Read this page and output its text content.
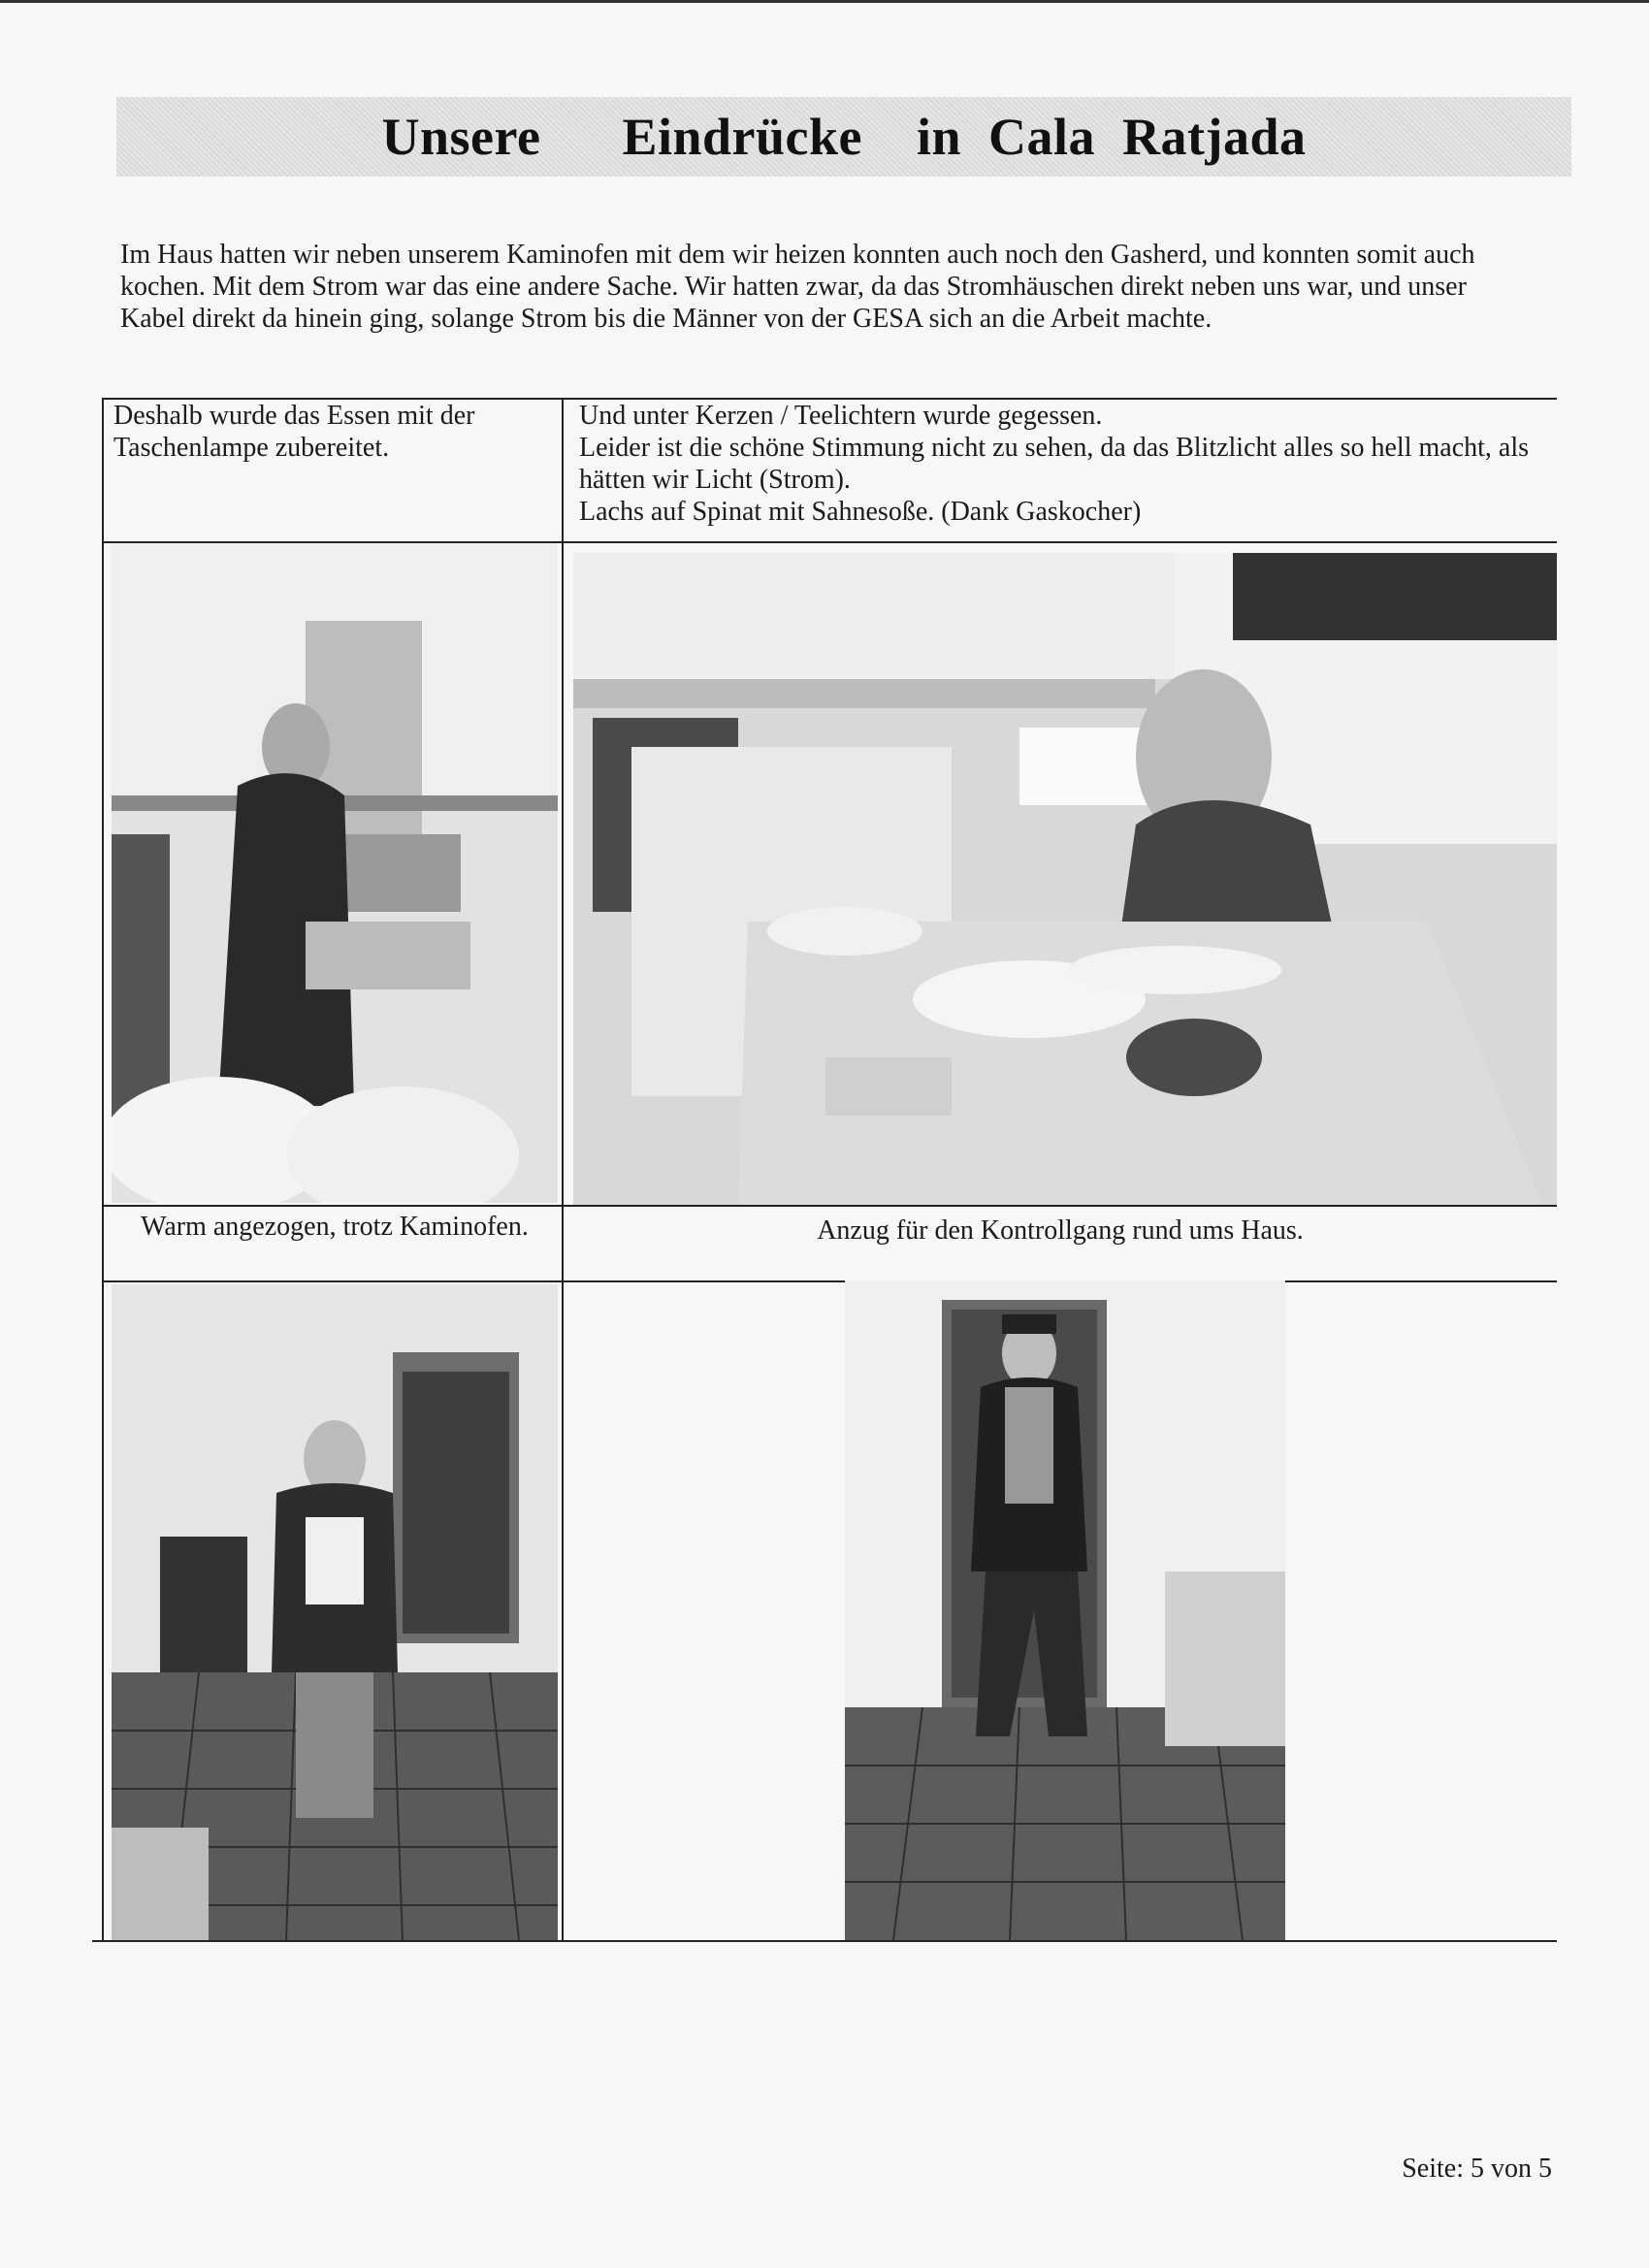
Unsere   Eindrücke  in Cala Ratjada

Im Haus hatten wir neben unserem Kaminofen mit dem wir heizen konnten auch noch den Gasherd, und konnten somit auch kochen. Mit dem Strom war das eine andere Sache. Wir hatten zwar, da das Stromhäuschen direkt neben uns war, und unser Kabel direkt da hinein ging, solange Strom bis die Männer von der GESA sich an die Arbeit machte.

Deshalb wurde das Essen mit der Taschenlampe zubereitet.
Und unter Kerzen / Teelichtern wurde gegessen.
Leider ist die schöne Stimmung nicht zu sehen, da das Blitzlicht alles so hell macht, als hätten wir Licht (Strom).
Lachs auf Spinat mit Sahnesoße. (Dank Gaskocher)
Warm angezogen, trotz Kaminofen.	Anzug für den Kontrollgang rund ums Haus.
Seite: 5 von 5
